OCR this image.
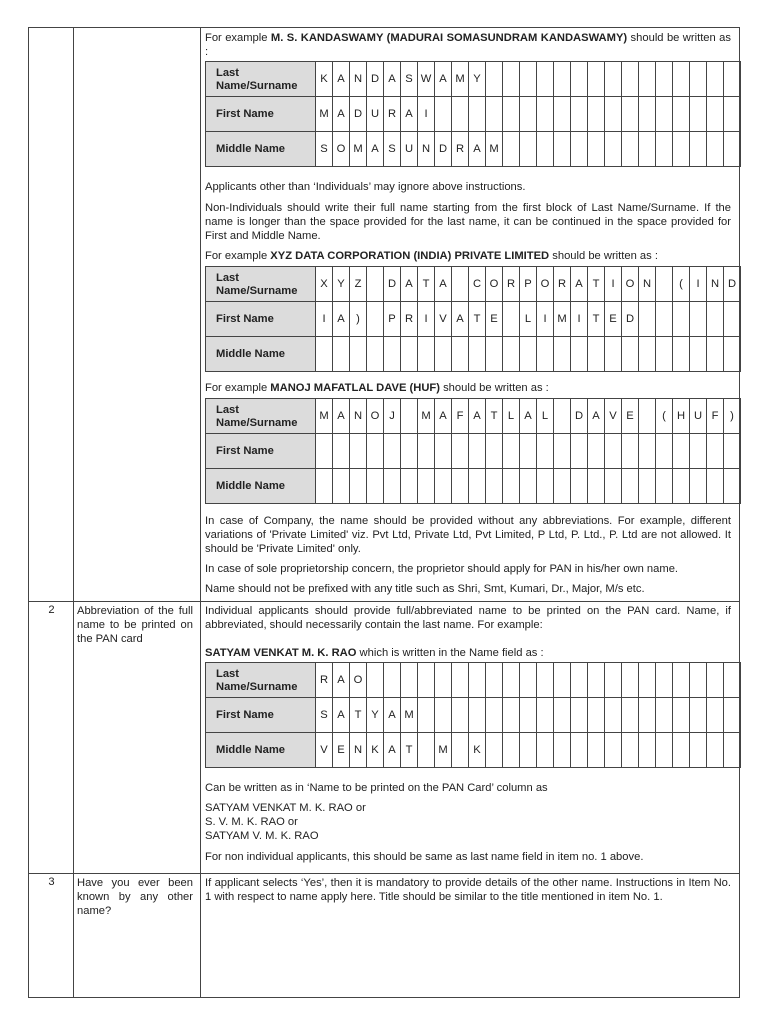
For example M. S. KANDASWAMY (MADURAI SOMASUNDRAM KANDASWAMY) should be written as :

Last Name/Surname	K	A	N	D	A	S	W	A	M	Y															
First Name	M	A	D	U	R	A	I																		
Middle Name	S	O	M	A	S	U	N	D	R	A	M														

Applicants other than ‘Individuals’ may ignore above instructions.

Non-Individuals should write their full name starting from the first block of Last Name/Surname. If the name is longer than the space provided for the last name, it can be continued in the space provided for First and Middle Name.

For example XYZ DATA CORPORATION (INDIA) PRIVATE LIMITED should be written as :

Last Name/Surname	X	Y	Z		D	A	T	A		C	O	R	P	O	R	A	T	I	O	N		(	I	N	D
First Name	I	A	)		P	R	I	V	A	T	E		L	I	M	I	T	E	D						
Middle Name																									

For example MANOJ MAFATLAL DAVE (HUF) should be written as :

Last Name/Surname	M	A	N	O	J		M	A	F	A	T	L	A	L		D	A	V	E		(	H	U	F	)
First Name																									
Middle Name																									

In case of Company, the name should be provided without any abbreviations. For example, different variations of 'Private Limited' viz. Pvt Ltd, Private Ltd, Pvt Limited, P Ltd, P. Ltd., P. Ltd are not allowed. It should be 'Private Limited' only.

In case of sole proprietorship concern, the proprietor should apply for PAN in his/her own name.

Name should not be prefixed with any title such as Shri, Smt, Kumari, Dr., Major, M/s etc.

2	Abbreviation of the full name to be printed on the PAN card

Individual applicants should provide full/abbreviated name to be printed on the PAN card. Name, if abbreviated, should necessarily contain the last name. For example:

SATYAM VENKAT M. K. RAO which is written in the Name field as :

Last Name/Surname	R	A	O																						
First Name	S	A	T	Y	A	M																			
Middle Name	V	E	N	K	A	T		M		K															

Can be written as in ‘Name to be printed on the PAN Card’ column as

SATYAM VENKAT M. K. RAO or

S. V. M. K. RAO or

SATYAM V. M. K. RAO

For non individual applicants, this should be same as last name field in item no. 1 above.

3	Have you ever been known by any other name?

If applicant selects ‘Yes’, then it is mandatory to provide details of the other name. Instructions in Item No. 1 with respect to name apply here. Title should be similar to the title mentioned in item No. 1.
